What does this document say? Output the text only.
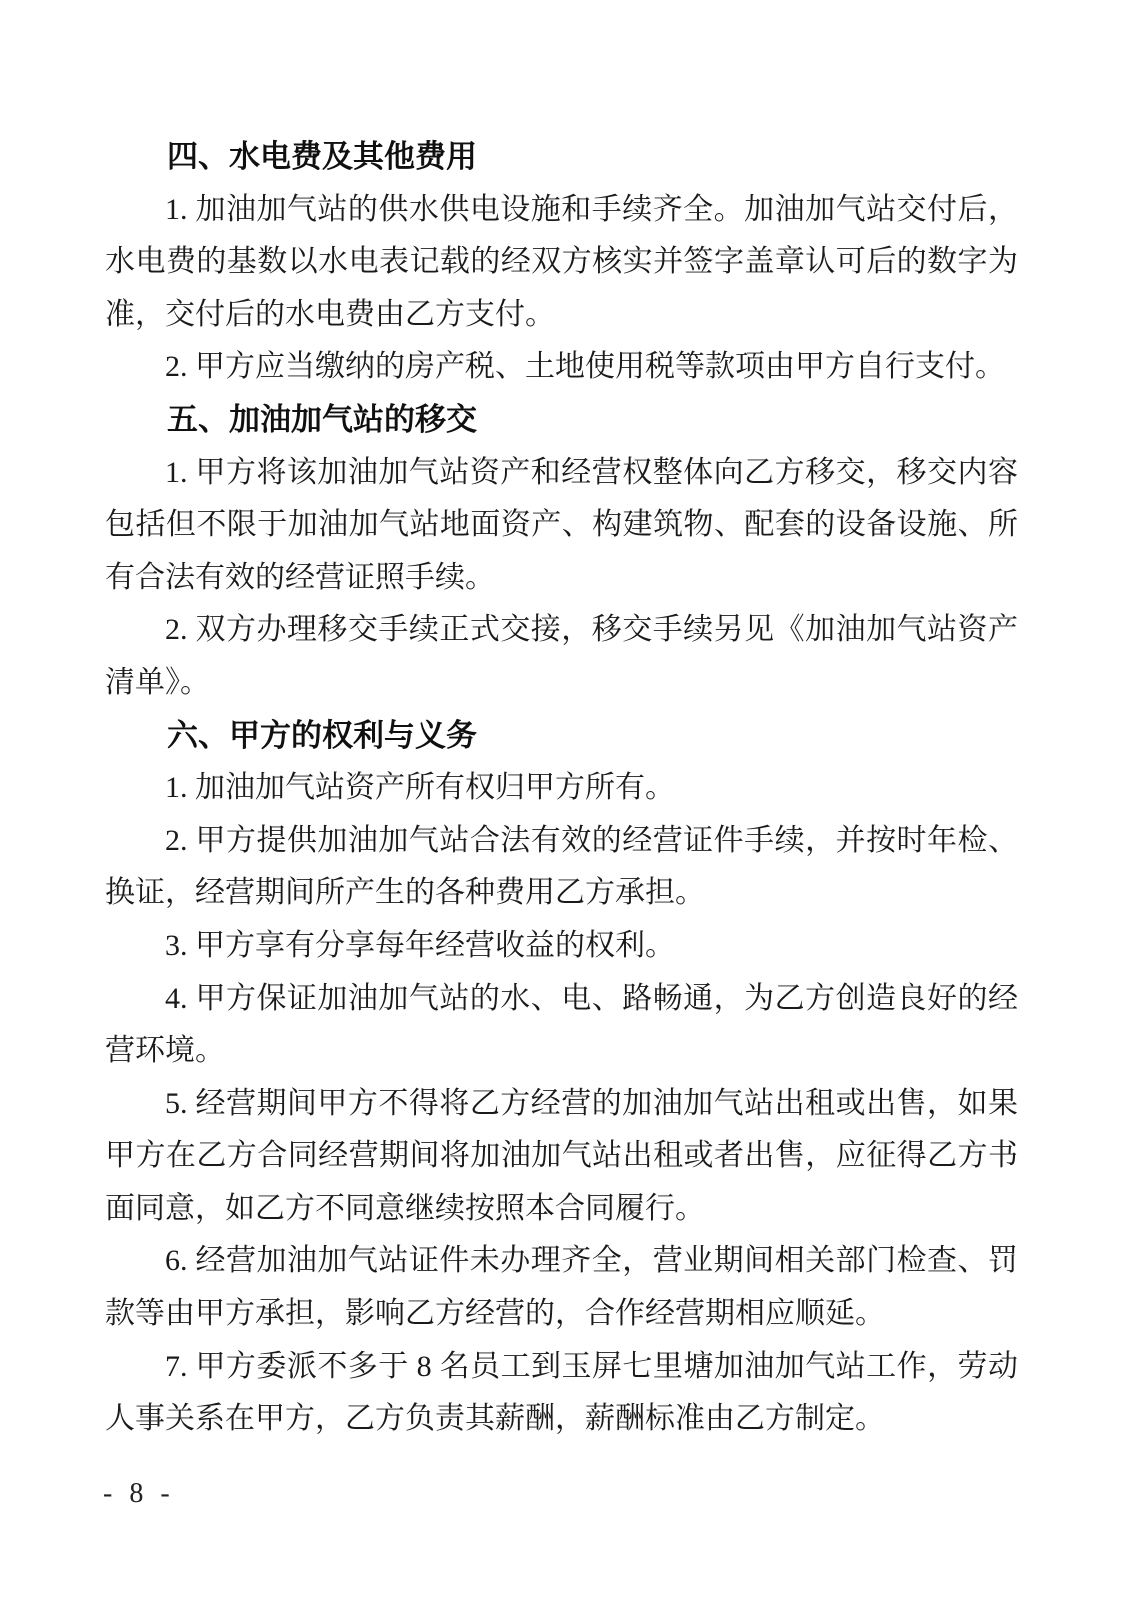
四、水电费及其他费用

1. 加油加气站的供水供电设施和手续齐全。加油加气站交付后，水电费的基数以水电表记载的经双方核实并签字盖章认可后的数字为准，交付后的水电费由乙方支付。

2. 甲方应当缴纳的房产税、土地使用税等款项由甲方自行支付。

五、加油加气站的移交

1. 甲方将该加油加气站资产和经营权整体向乙方移交，移交内容包括但不限于加油加气站地面资产、构建筑物、配套的设备设施、所有合法有效的经营证照手续。

2. 双方办理移交手续正式交接，移交手续另见《加油加气站资产清单》。

六、甲方的权利与义务

1. 加油加气站资产所有权归甲方所有。

2. 甲方提供加油加气站合法有效的经营证件手续，并按时年检、换证，经营期间所产生的各种费用乙方承担。

3. 甲方享有分享每年经营收益的权利。

4. 甲方保证加油加气站的水、电、路畅通，为乙方创造良好的经营环境。

5. 经营期间甲方不得将乙方经营的加油加气站出租或出售，如果甲方在乙方合同经营期间将加油加气站出租或者出售，应征得乙方书面同意，如乙方不同意继续按照本合同履行。

6. 经营加油加气站证件未办理齐全，营业期间相关部门检查、罚款等由甲方承担，影响乙方经营的，合作经营期相应顺延。

7. 甲方委派不多于 8 名员工到玉屏七里塘加油加气站工作，劳动人事关系在甲方，乙方负责其薪酬，薪酬标准由乙方制定。

- 8 -
